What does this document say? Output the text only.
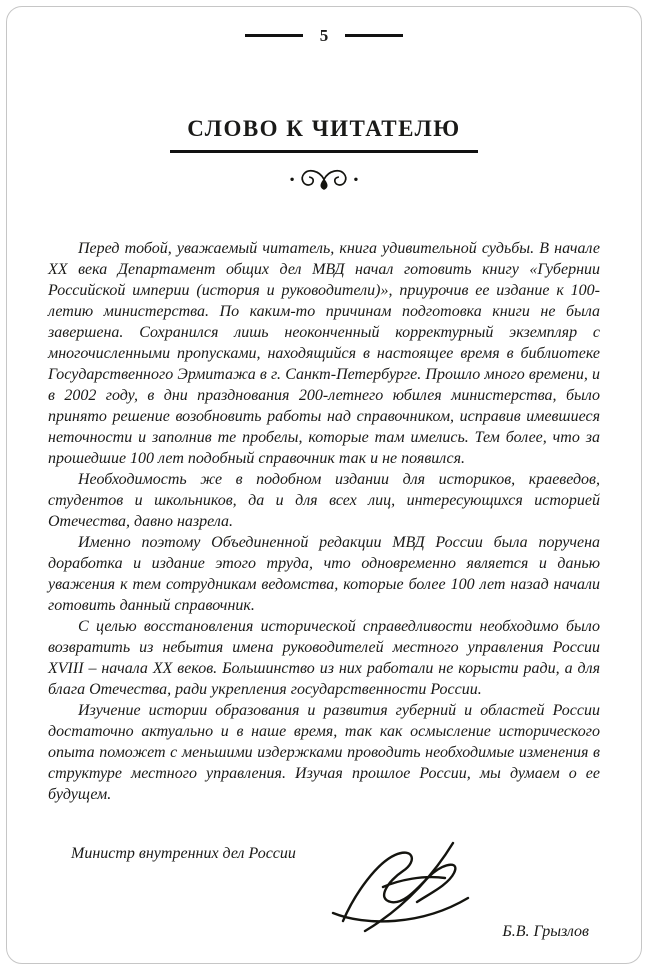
5
СЛОВО К ЧИТАТЕЛЮ

Перед тобой, уважаемый читатель, книга удивительной судьбы. В начале XX века Департамент общих дел МВД начал готовить книгу «Губернии Российской империи (история и руководители)», приурочив ее издание к 100-летию министерства. По каким-то причинам подготовка книги не была завершена. Сохранился лишь неоконченный корректурный экземпляр с многочисленными пропусками, находящийся в настоящее время в библиотеке Государственного Эрмитажа в г. Санкт-Петербурге. Прошло много времени, и в 2002 году, в дни празднования 200-летнего юбилея министерства, было принято решение возобновить работы над справочником, исправив имевшиеся неточности и заполнив те пробелы, которые там имелись. Тем более, что за прошедшие 100 лет подобный справочник так и не появился.

Необходимость же в подобном издании для историков, краеведов, студентов и школьников, да и для всех лиц, интересующихся историей Отечества, давно назрела.

Именно поэтому Объединенной редакции МВД России была поручена доработка и издание этого труда, что одновременно является и данью уважения к тем сотрудникам ведомства, которые более 100 лет назад начали готовить данный справочник.

С целью восстановления исторической справедливости необходимо было возвратить из небытия имена руководителей местного управления России XVIII – начала XX веков. Большинство из них работали не корысти ради, а для блага Отечества, ради укрепления государственности России.

Изучение истории образования и развития губерний и областей России достаточно актуально и в наше время, так как осмысление исторического опыта поможет с меньшими издержками проводить необходимые изменения в структуре местного управления. Изучая прошлое России, мы думаем о ее будущем.

Министр внутренних дел России
Б.В. Грызлов
